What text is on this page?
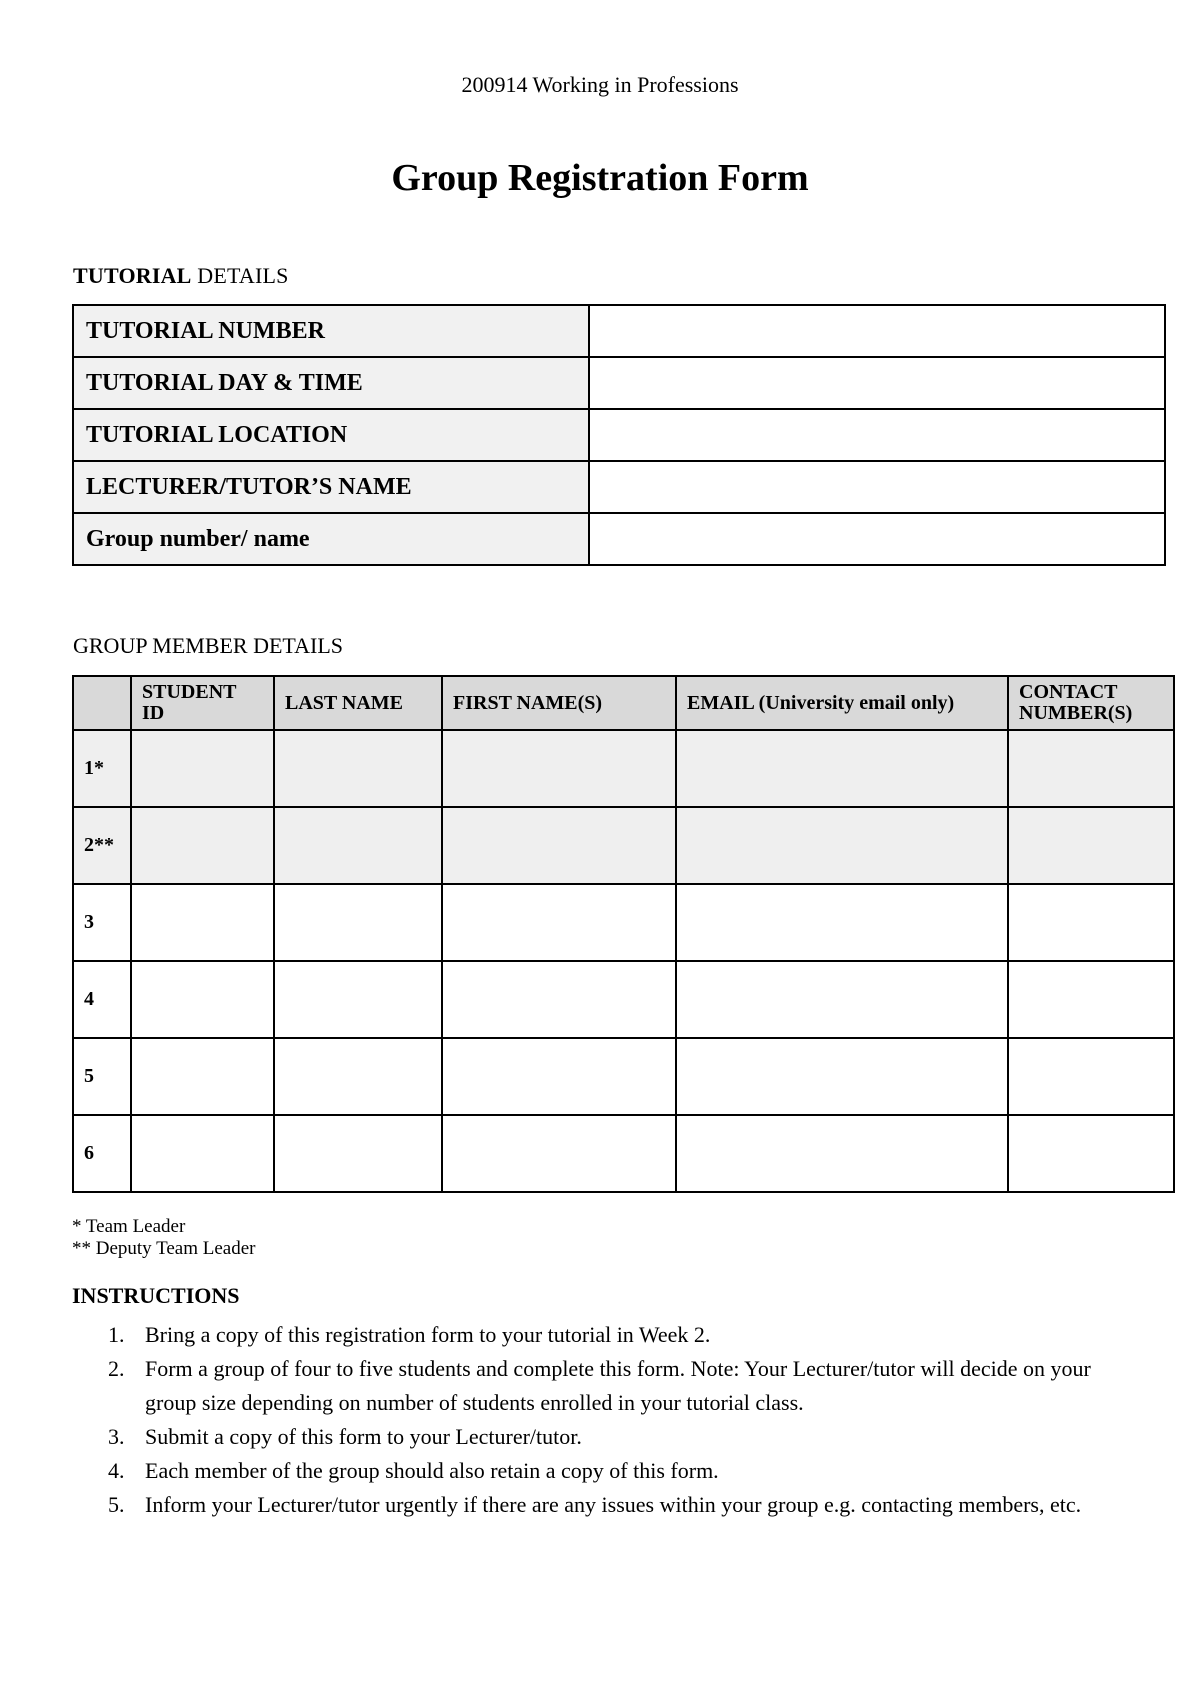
200914 Working in Professions
Group Registration Form
TUTORIAL DETAILS
TUTORIAL NUMBER	
TUTORIAL DAY & TIME	
TUTORIAL LOCATION	
LECTURER/TUTOR’S NAME	
Group number/ name	
GROUP MEMBER DETAILS
	STUDENT ID	LAST NAME	FIRST NAME(S)	EMAIL (University email only)	CONTACT NUMBER(S)
1*					
2**					
3					
4					
5					
6					
* Team Leader
** Deputy Team Leader
INSTRUCTIONS
1. Bring a copy of this registration form to your tutorial in Week 2.
2. Form a group of four to five students and complete this form. Note: Your Lecturer/tutor will decide on your group size depending on number of students enrolled in your tutorial class.
3. Submit a copy of this form to your Lecturer/tutor.
4. Each member of the group should also retain a copy of this form.
5. Inform your Lecturer/tutor urgently if there are any issues within your group e.g. contacting members, etc.
